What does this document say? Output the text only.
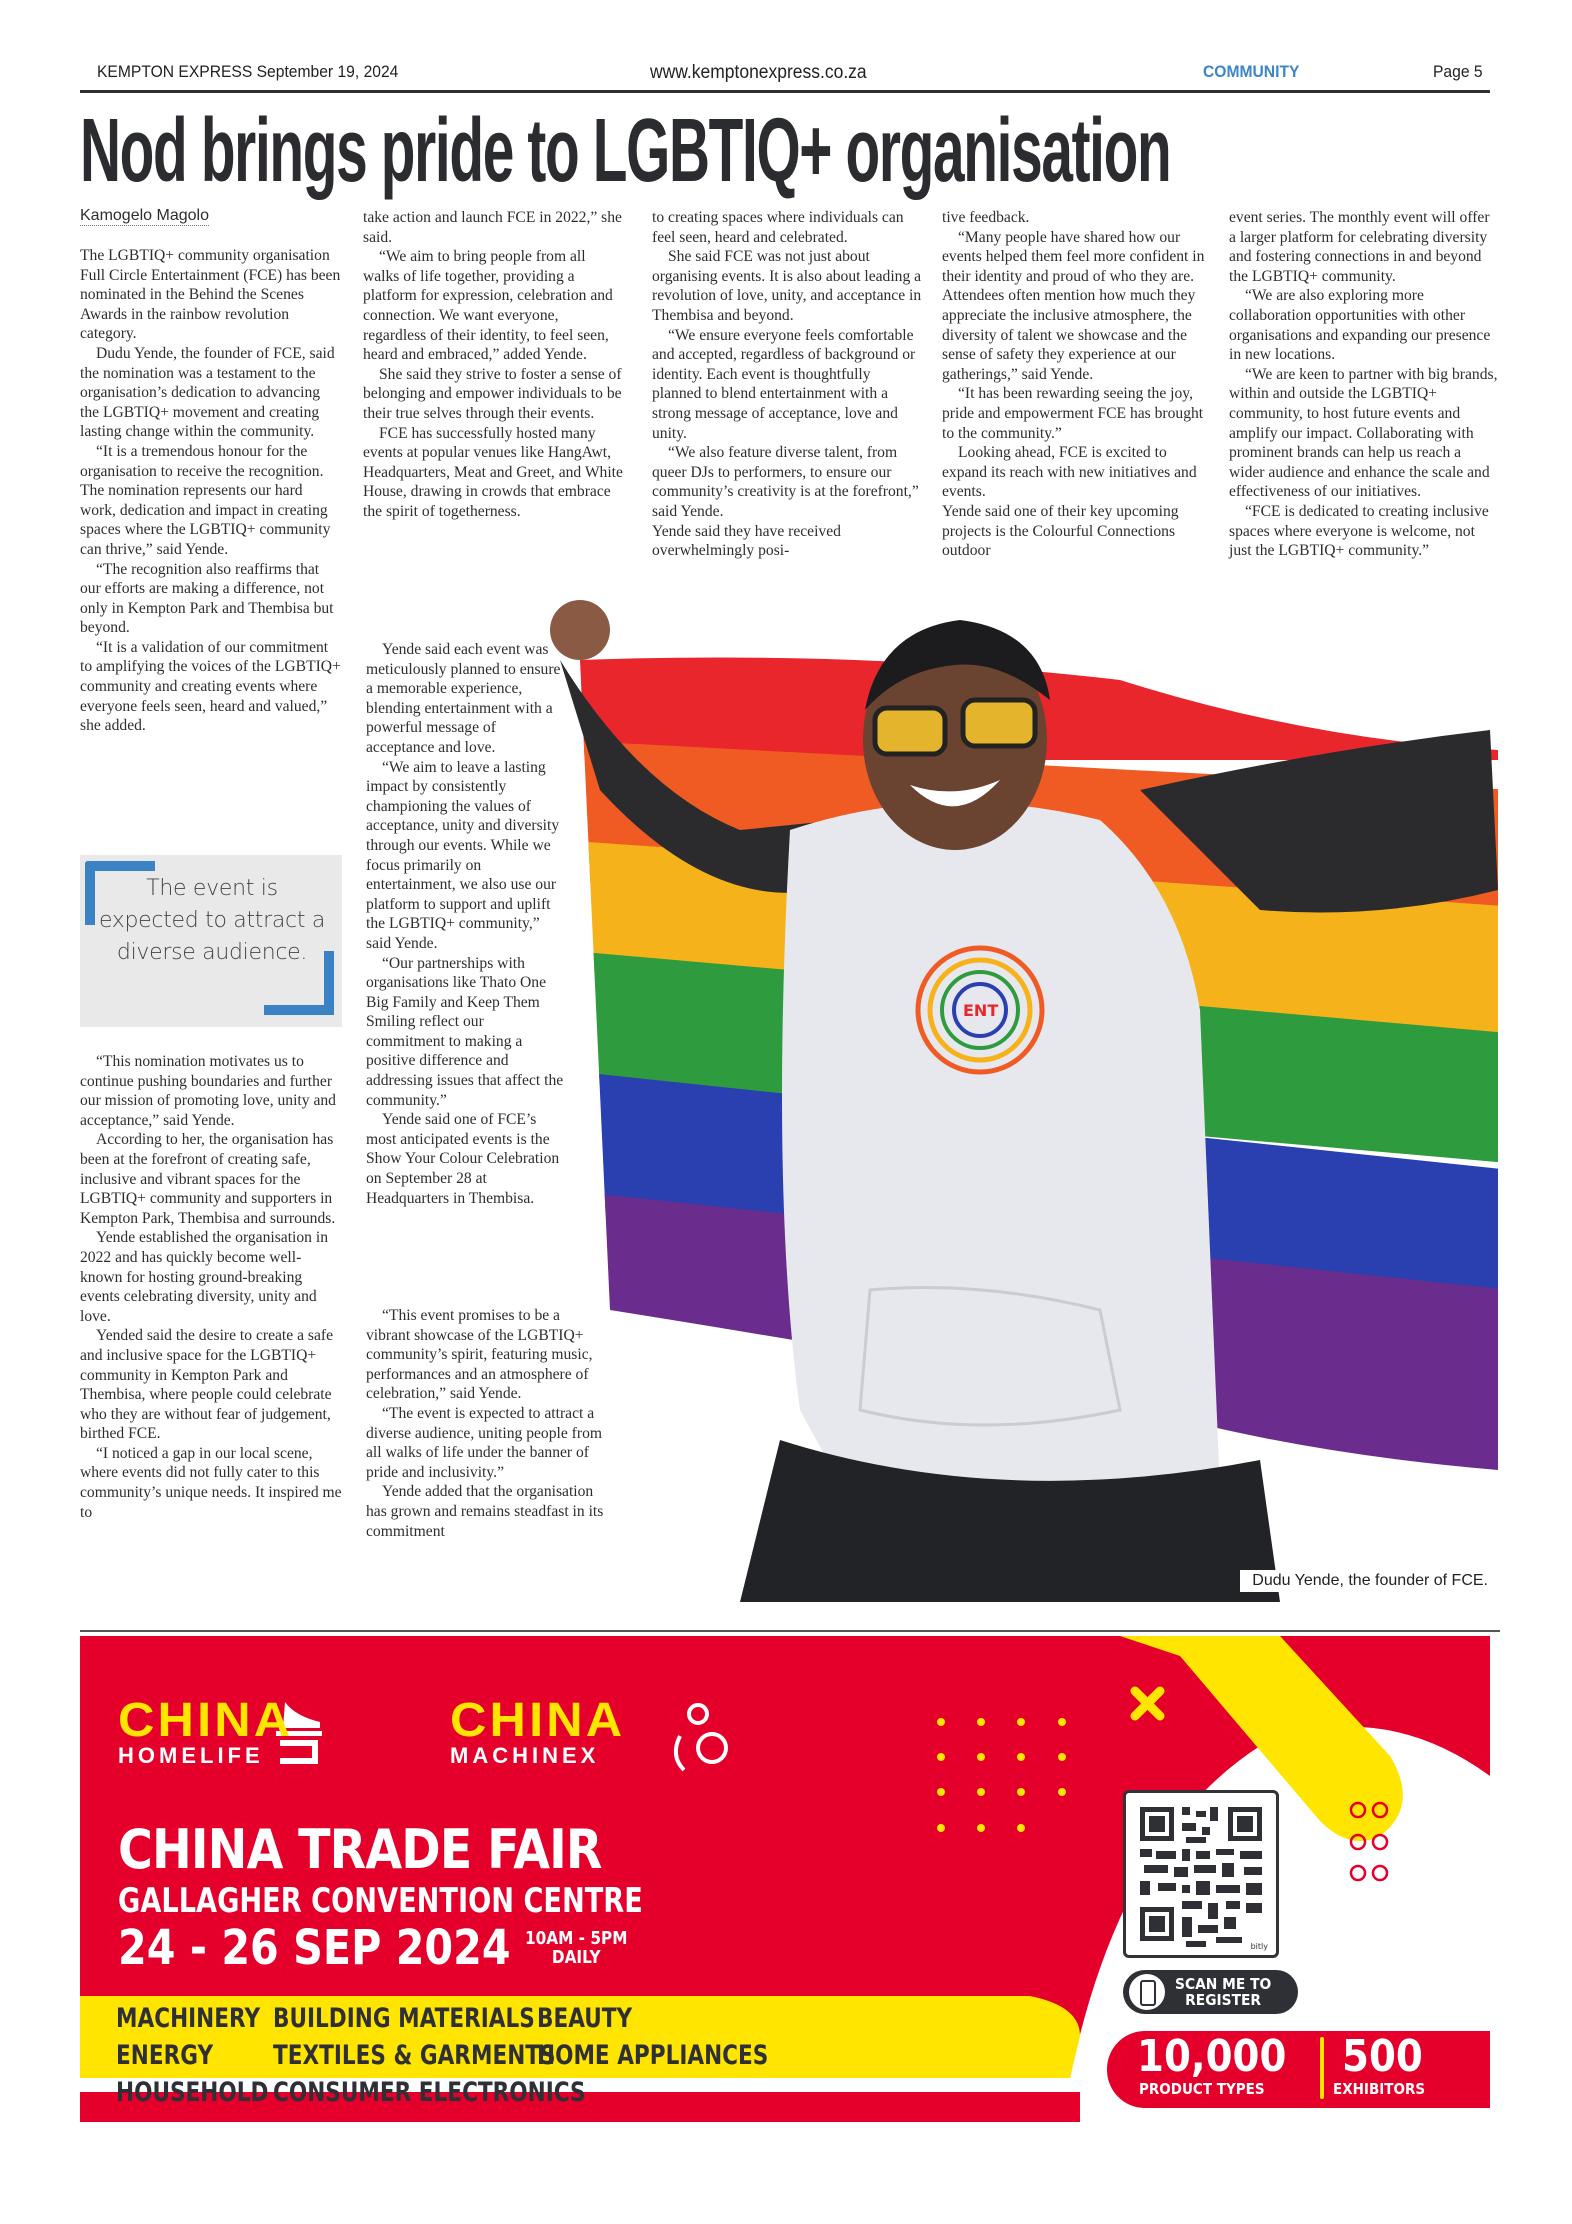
KEMPTON EXPRESS September 19, 2024	www.kemptonexpress.co.za	COMMUNITY	Page 5
Nod brings pride to LGBTIQ+ organisation
Kamogelo Magolo

The LGBTIQ+ community organisation Full Circle Entertainment (FCE) has been nominated in the Behind the Scenes Awards in the rainbow revolution category.

Dudu Yende, the founder of FCE, said the nomination was a testament to the organisation’s dedication to advancing the LGBTIQ+ movement and creating lasting change within the community.

“It is a tremendous honour for the organisation to receive the recognition. The nomination represents our hard work, dedication and impact in creating spaces where the LGBTIQ+ community can thrive,” said Yende.

“The recognition also reaffirms that our efforts are making a difference, not only in Kempton Park and Thembisa but beyond.

“It is a validation of our commitment to amplifying the voices of the LGBTIQ+ community and creating events where everyone feels seen, heard and valued,” she added.

The event is expected to attract a diverse audience.

“This nomination motivates us to continue pushing boundaries and further our mission of promoting love, unity and acceptance,” said Yende.

According to her, the organisation has been at the forefront of creating safe, inclusive and vibrant spaces for the LGBTIQ+ community and supporters in Kempton Park, Thembisa and surrounds.

Yende established the organisation in 2022 and has quickly become well-known for hosting ground-breaking events celebrating diversity, unity and love.

Yended said the desire to create a safe and inclusive space for the LGBTIQ+ community in Kempton Park and Thembisa, where people could celebrate who they are without fear of judgement, birthed FCE.

“I noticed a gap in our local scene, where events did not fully cater to this community’s unique needs. It inspired me to

take action and launch FCE in 2022,” she said.

“We aim to bring people from all walks of life together, providing a platform for expression, celebration and connection. We want everyone, regardless of their identity, to feel seen, heard and embraced,” added Yende.

She said they strive to foster a sense of belonging and empower individuals to be their true selves through their events.

FCE has successfully hosted many events at popular venues like HangAwt, Headquarters, Meat and Greet, and White House, drawing in crowds that embrace the spirit of togetherness.

Yende said each event was meticulously planned to ensure a memorable experience, blending entertainment with a powerful message of acceptance and love.

“We aim to leave a lasting impact by consistently championing the values of acceptance, unity and diversity through our events. While we focus primarily on entertainment, we also use our platform to support and uplift the LGBTIQ+ community,” said Yende.

“Our partnerships with organisations like Thato One Big Family and Keep Them Smiling reflect our commitment to making a positive difference and addressing issues that affect the community.”

Yende said one of FCE’s most anticipated events is the Show Your Colour Celebration on September 28 at Headquarters in Thembisa.

“This event promises to be a vibrant showcase of the LGBTIQ+ community’s spirit, featuring music, performances and an atmosphere of celebration,” said Yende.

“The event is expected to attract a diverse audience, uniting people from all walks of life under the banner of pride and inclusivity.”

Yende added that the organisation has grown and remains steadfast in its commitment

to creating spaces where individuals can feel seen, heard and celebrated.

She said FCE was not just about organising events. It is also about leading a revolution of love, unity, and acceptance in Thembisa and beyond.

“We ensure everyone feels comfortable and accepted, regardless of background or identity. Each event is thoughtfully planned to blend entertainment with a strong message of acceptance, love and unity.

“We also feature diverse talent, from queer DJs to performers, to ensure our community’s creativity is at the forefront,” said Yende.

Yende said they have received overwhelmingly posi-

tive feedback.

“Many people have shared how our events helped them feel more confident in their identity and proud of who they are. Attendees often mention how much they appreciate the inclusive atmosphere, the diversity of talent we showcase and the sense of safety they experience at our gatherings,” said Yende.

“It has been rewarding seeing the joy, pride and empowerment FCE has brought to the community.”

Looking ahead, FCE is excited to expand its reach with new initiatives and events.

Yende said one of their key upcoming projects is the Colourful Connections outdoor

event series. The monthly event will offer a larger platform for celebrating diversity and fostering connections in and beyond the LGBTIQ+ community.

“We are also exploring more collaboration opportunities with other organisations and expanding our presence in new locations.

“We are keen to partner with big brands, within and outside the LGBTIQ+ community, to host future events and amplify our impact. Collaborating with prominent brands can help us reach a wider audience and enhance the scale and effectiveness of our initiatives.

“FCE is dedicated to creating inclusive spaces where everyone is welcome, not just the LGBTIQ+ community.”

ENT
Dudu Yende, the founder of FCE.
CHINA
HOMELIFE
CHINA
MACHINEX
CHINA TRADE FAIR
GALLAGHER CONVENTION CENTRE
24 - 26 SEP 2024 10AM - 5PM
DAILY
MACHINERY BUILDING MATERIALS BEAUTY
ENERGY TEXTILES & GARMENTS
HOME APPLIANCES
HOUSEHOLD CONSUMER ELECTRONICS
bitly
SCAN ME TO
REGISTER
10,000
PRODUCT TYPES
500
EXHIBITORS
